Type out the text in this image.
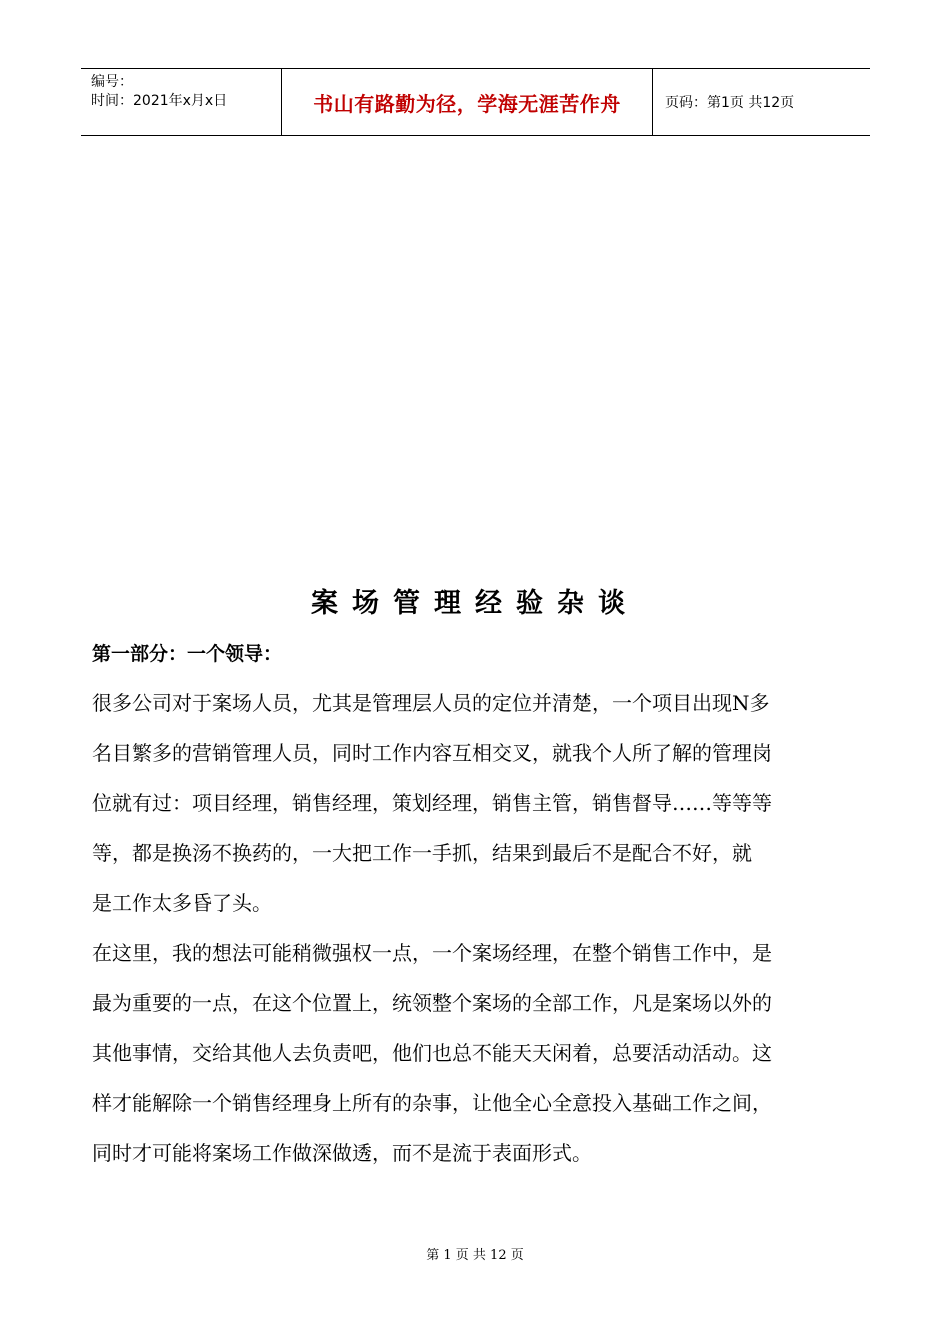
编号：
时间：2021年x月x日	书山有路勤为径，学海无涯苦作舟	页码：第1页 共12页
案场管理经验杂谈
第一部分：一个领导：
很多公司对于案场人员，尤其是管理层人员的定位并清楚，一个项目出现N多
名目繁多的营销管理人员，同时工作内容互相交叉，就我个人所了解的管理岗
位就有过：项目经理，销售经理，策划经理，销售主管，销售督导……等等等
等，都是换汤不换药的，一大把工作一手抓，结果到最后不是配合不好，就
是工作太多昏了头。
在这里，我的想法可能稍微强权一点，一个案场经理，在整个销售工作中，是
最为重要的一点，在这个位置上，统领整个案场的全部工作，凡是案场以外的
其他事情，交给其他人去负责吧，他们也总不能天天闲着，总要活动活动。这
样才能解除一个销售经理身上所有的杂事，让他全心全意投入基础工作之间，
同时才可能将案场工作做深做透，而不是流于表面形式。
第 1 页 共 12 页
